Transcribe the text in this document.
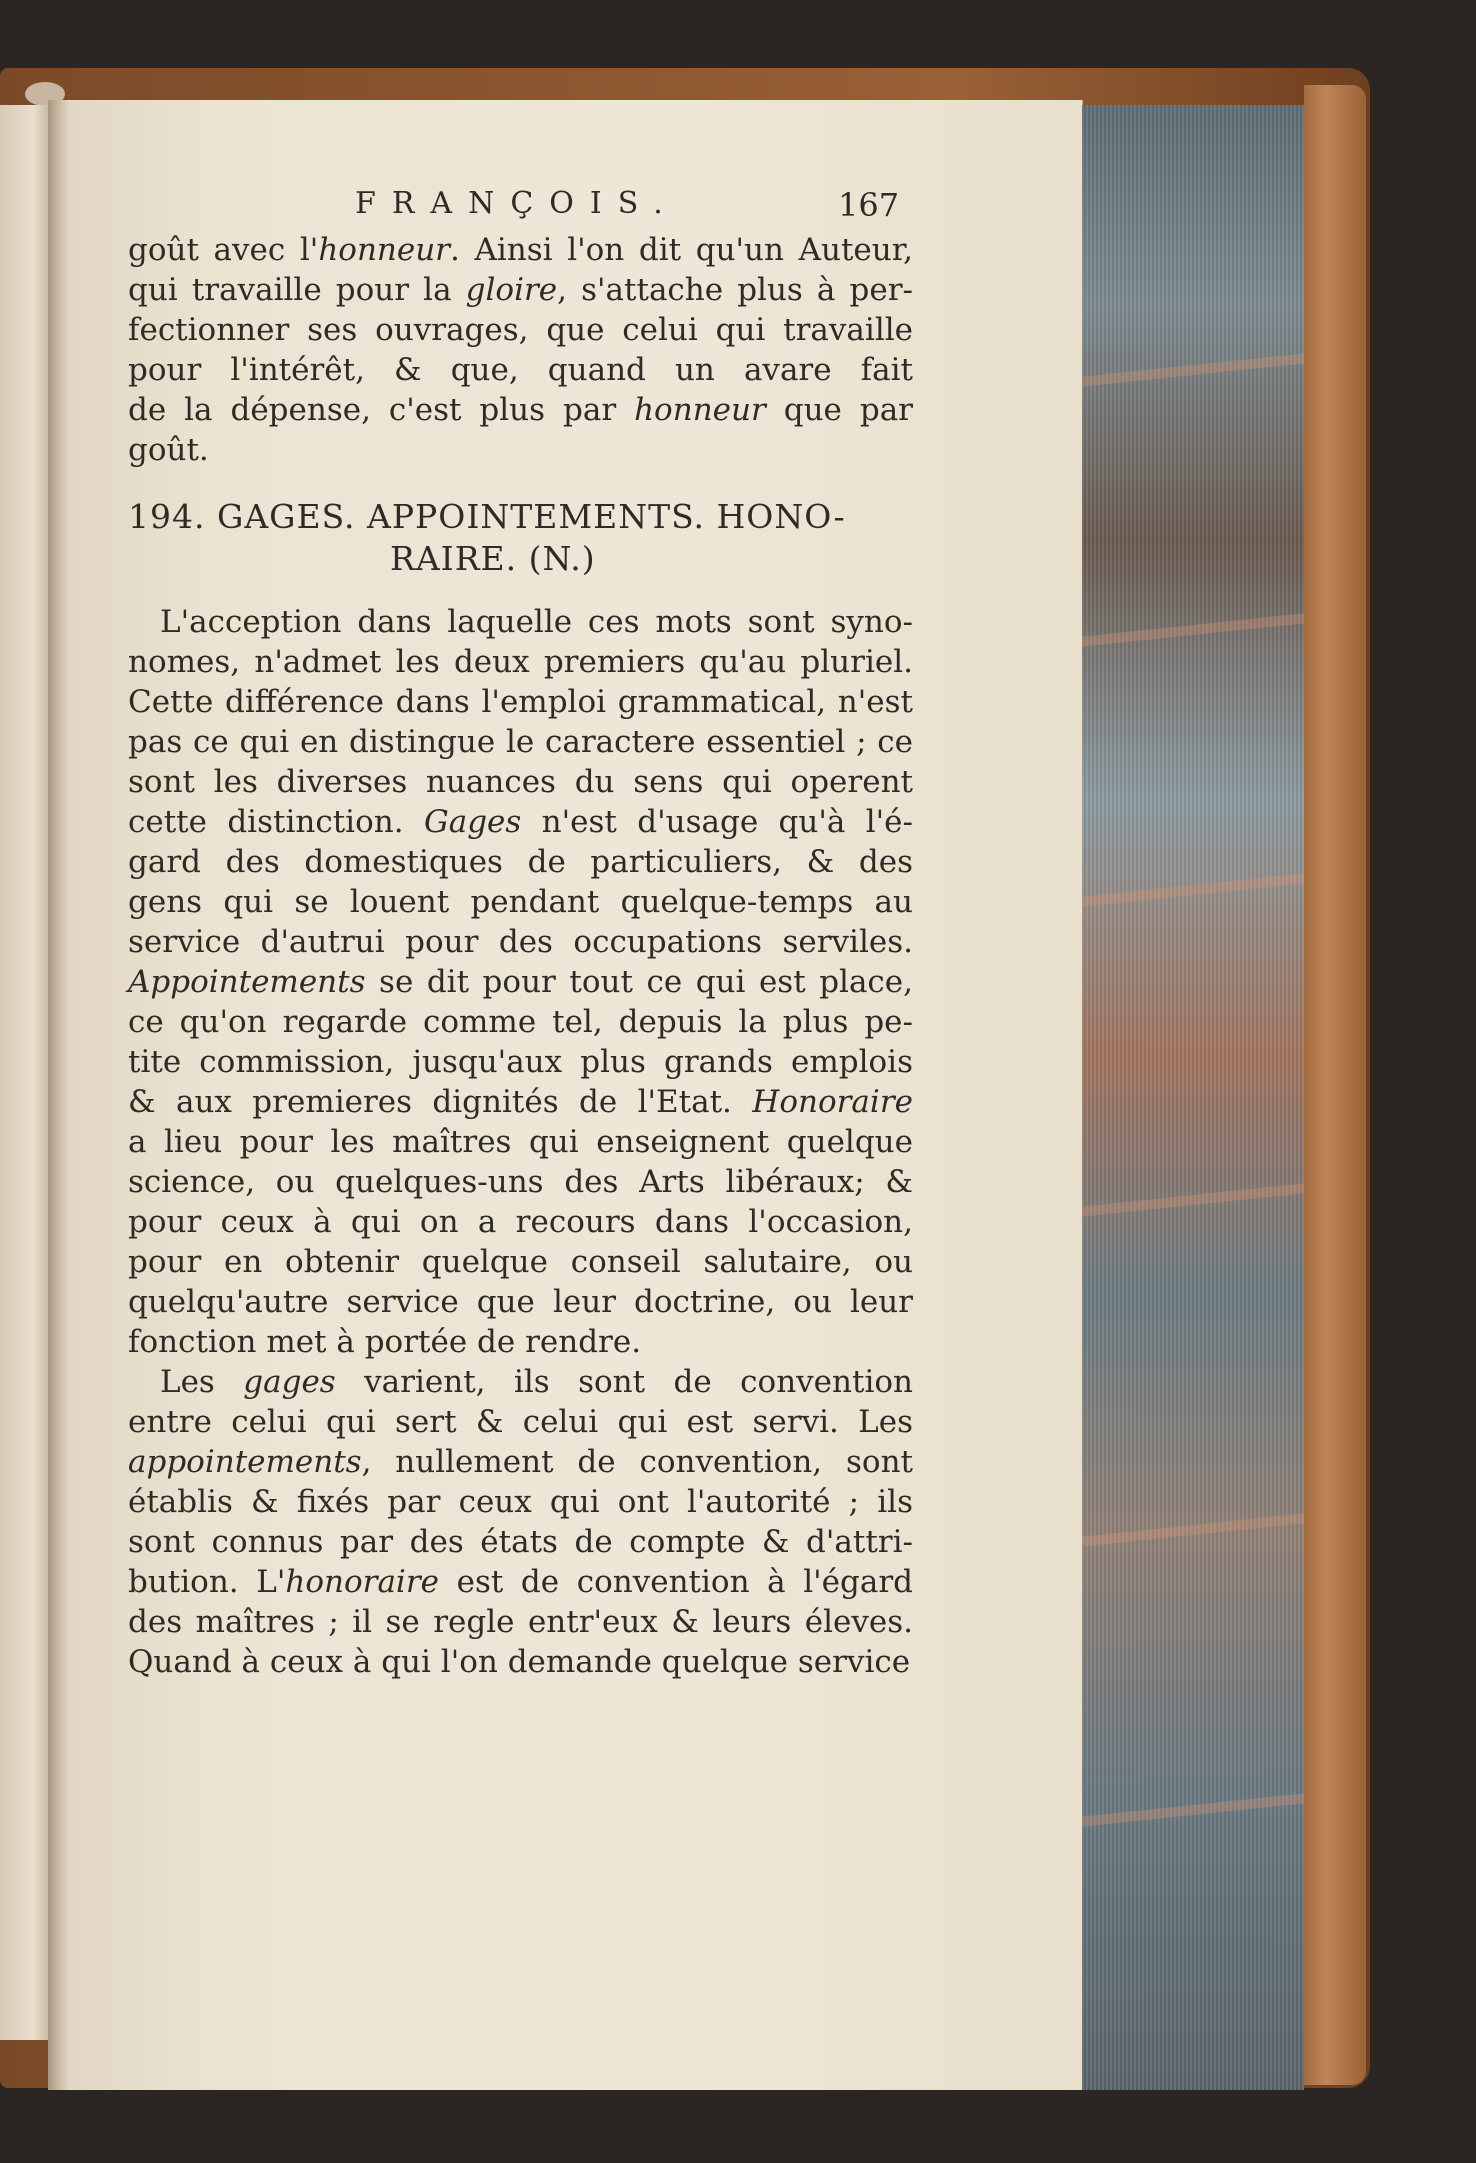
FRANÇOIS.	167
goût avec l'honneur. Ainsi l'on dit qu'un Auteur,
qui travaille pour la gloire, s'attache plus à per-
fectionner ses ouvrages, que celui qui travaille
pour l'intérêt, & que, quand un avare fait
de la dépense, c'est plus par honneur que par
goût.
194. GAGES. APPOINTEMENTS. HONO-
RAIRE. (N.)
L'acception dans laquelle ces mots sont syno-
nomes, n'admet les deux premiers qu'au pluriel.
Cette différence dans l'emploi grammatical, n'est
pas ce qui en distingue le caractere essentiel ; ce
sont les diverses nuances du sens qui operent
cette distinction. Gages n'est d'usage qu'à l'é-
gard des domestiques de particuliers, & des
gens qui se louent pendant quelque-temps au
service d'autrui pour des occupations serviles.
Appointements se dit pour tout ce qui est place,
ce qu'on regarde comme tel, depuis la plus pe-
tite commission, jusqu'aux plus grands emplois
& aux premieres dignités de l'Etat. Honoraire
a lieu pour les maîtres qui enseignent quelque
science, ou quelques-uns des Arts libéraux; &
pour ceux à qui on a recours dans l'occasion,
pour en obtenir quelque conseil salutaire, ou
quelqu'autre service que leur doctrine, ou leur
fonction met à portée de rendre.
Les gages varient, ils sont de convention
entre celui qui sert & celui qui est servi. Les
appointements, nullement de convention, sont
établis & fixés par ceux qui ont l'autorité ; ils
sont connus par des états de compte & d'attri-
bution. L'honoraire est de convention à l'égard
des maîtres ; il se regle entr'eux & leurs éleves.
Quand à ceux à qui l'on demande quelque service
